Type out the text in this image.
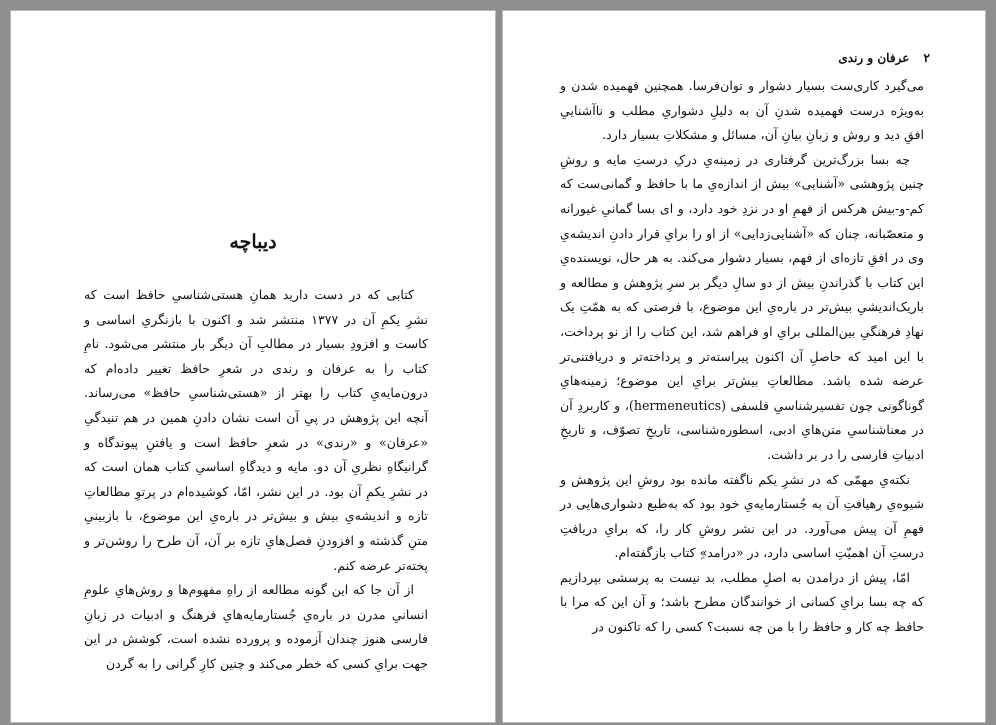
دیباچه

کتابی که در دست دارید همانِ هستی‌شناسیِ حافظ است که نشرِ یکمِ آن در ۱۳۷۷ منتشر شد و اکنون با بازنگریِ اساسی و کاست و افزودِ بسیار در مطالبِ آن دیگر بار منتشر می‌شود. نامِ کتاب را به عرفان و رندی در شعرِ حافظ تغییر داده‌ام که درون‌مایه‌یِ کتاب را بهتر از «هستی‌شناسیِ حافظ» می‌رساند. آنچه این پژوهش در پیِ آن است نشان دادنِ همین در هم تنیدگیِ «عرفان» و «رندی» در شعرِ حافظ است و یافتنِ پیوندگاه و گرانیگاهِ نظریِ آن دو. مایه و دیدگاهِ اساسیِ کتاب همان است که در نشرِ یکمِ آن بود. در این نشر، امّا، کوشیده‌ام در پرتوِ مطالعاتِ تازه و اندیشه‌یِ بیش و بیش‌تر در باره‌یِ این موضوع، با بازبینیِ متنِ گذشته و افزودنِ فصل‌هایِ تازه بر آن، آن طرح را روشن‌تر و پخته‌تر عرضه کنم.

از آن جا که این گونه مطالعه از راهِ مفهوم‌ها و روش‌هایِ علومِ انسانیِ مدرن در باره‌یِ جُستارمایه‌هایِ فرهنگ و ادبیات در زبانِ فارسی هنوز چندان آزموده و پرورده نشده است، کوشش در این جهت برایِ کسی که خطر می‌کند و چنین کارِ گرانی را به گردن

۲ عرفان و رندی

می‌گیرد کاری‌ست بسیار دشوار و توان‌فرسا. همچنین فهمیده شدن و به‌ویژه درست فهمیده شدنِ آن به دلیلِ دشواریِ مطلب و ناآشناییِ افقِ دید و روش و زبانِ بیانِ آن، مسائل و مشکلاتِ بسیار دارد.

چه بسا بزرگ‌ترین گرفتاری در زمینه‌یِ درکِ درستِ مایه و روشِ چنین پژوهشی «آشنایی» بیش از اندازه‌یِ ما با حافظ و گمانی‌ست که کم‌-و-بیش هرکس از فهمِ او در نزدِ خود دارد، و ای بسا گمانیِ غیورانه و متعصّبانه، چنان که «آشنایی‌زدایی» از او را برایِ قرار دادنِ اندیشه‌یِ وی در افقِ تازه‌ای از فهم، بسیار دشوار می‌کند. به هر حال، نویسنده‌یِ این کتاب با گذراندنِ بیش از دو سالِ دیگر بر سرِ پژوهش و مطالعه و باریک‌اندیشیِ بیش‌تر در باره‌یِ این موضوع، با فرصتی که به همّتِ یک نهادِ فرهنگیِ بین‌المللی برایِ او فراهم شد، این کتاب را از نو پرداخت، با این امید که حاصلِ آن اکنون پیراسته‌تر و پرداخته‌تر و دریافتنی‌تر عرضه شده باشد. مطالعاتِ بیش‌تر برایِ این موضوع؛ زمینه‌هایِ گوناگونی چون تفسیرشناسیِ فلسفی (hermeneutics)، و کاربردِ آن در معناشناسیِ متن‌هایِ ادبی، اسطوره‌شناسی، تاریخِ تصوّف، و تاریخِ ادبیاتِ فارسی را در بر داشت.

نکته‌یِ مهمّی که در نشرِ یکم ناگفته مانده بود روشِ این پژوهش و شیوه‌یِ رهیافتِ آن به جُستارمایه‌یِ خود بود که به‌طبع دشواری‌هایی در فهمِ آن پیش می‌آورد. در این نشر روشِ کار را، که برایِ دریافتِ درستِ آن اهمیّتِ اساسی دارد، در «درامد»ِ کتاب بازگفته‌ام.

امّا، پیش از درامدن به اصلِ مطلب، بد نیست به پرسشی بپردازیم که چه بسا برایِ کسانی از خوانندگان مطرح باشد؛ و آن این که مرا با حافظ چه کار و حافظ را با من چه نسبت؟ کسی را که تاکنون در
